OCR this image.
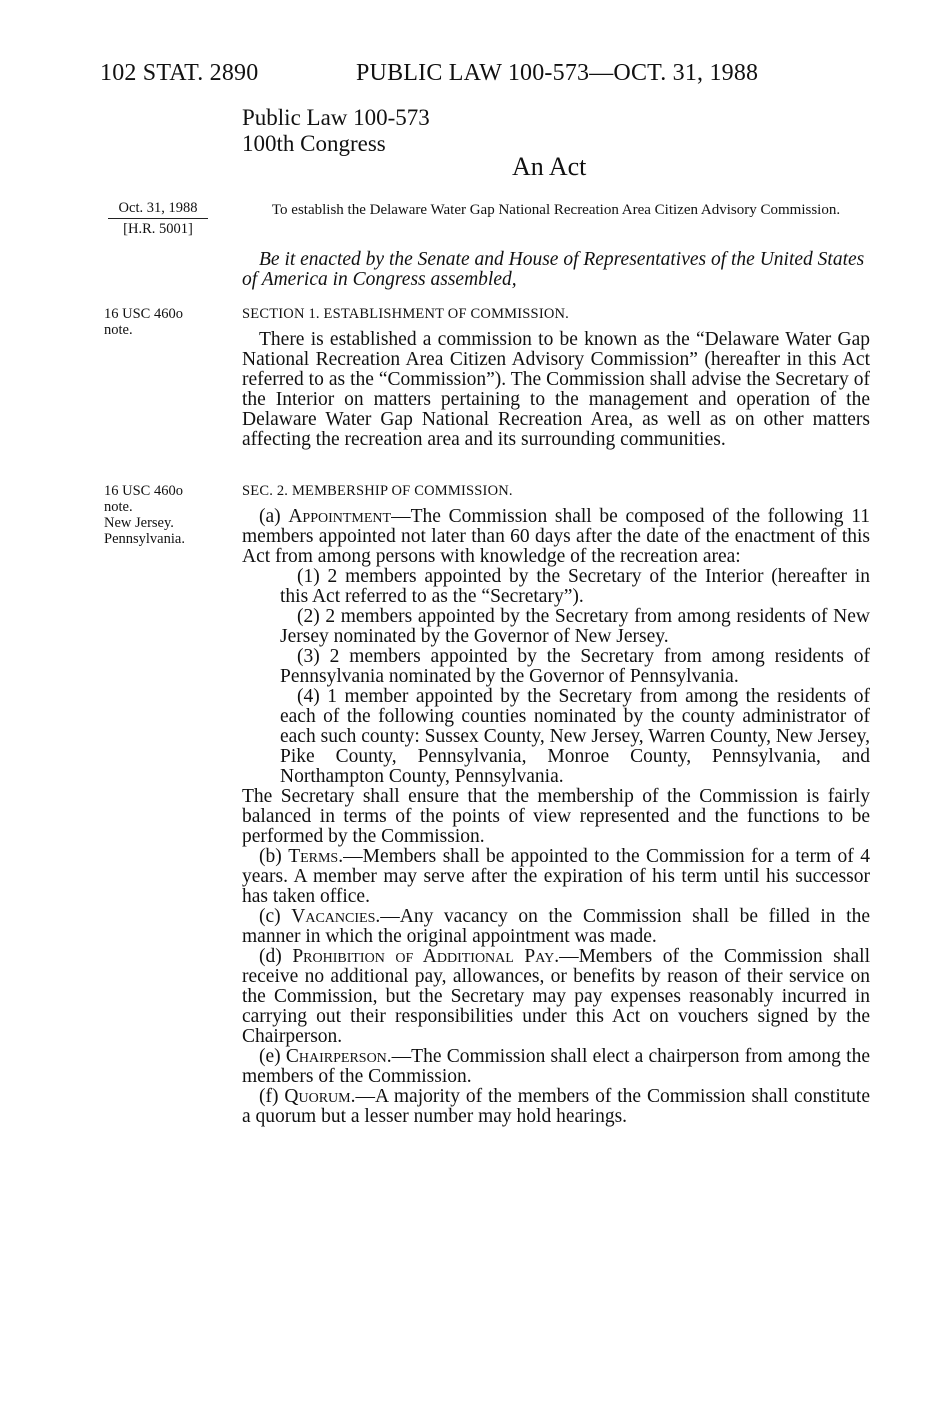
102 STAT. 2890	PUBLIC LAW 100-573—OCT. 31, 1988
Public Law 100-573
100th Congress
An Act
Oct. 31, 1988
[H.R. 5001]
To establish the Delaware Water Gap National Recreation Area Citizen Advisory Commission.
Be it enacted by the Senate and House of Representatives of the United States of America in Congress assembled,
16 USC 460o
note.
SECTION 1. ESTABLISHMENT OF COMMISSION.

There is established a commission to be known as the “Delaware Water Gap National Recreation Area Citizen Advisory Commission” (hereafter in this Act referred to as the “Commission”). The Commission shall advise the Secretary of the Interior on matters pertaining to the management and operation of the Delaware Water Gap National Recreation Area, as well as on other matters affecting the recreation area and its surrounding communities.

16 USC 460o
note.
New Jersey.
Pennsylvania.
SEC. 2. MEMBERSHIP OF COMMISSION.

(a) Appointment—The Commission shall be composed of the following 11 members appointed not later than 60 days after the date of the enactment of this Act from among persons with knowledge of the recreation area:

(1) 2 members appointed by the Secretary of the Interior (hereafter in this Act referred to as the “Secretary”).

(2) 2 members appointed by the Secretary from among residents of New Jersey nominated by the Governor of New Jersey.

(3) 2 members appointed by the Secretary from among residents of Pennsylvania nominated by the Governor of Pennsylvania.

(4) 1 member appointed by the Secretary from among the residents of each of the following counties nominated by the county administrator of each such county: Sussex County, New Jersey, Warren County, New Jersey, Pike County, Pennsylvania, Monroe County, Pennsylvania, and Northampton County, Pennsylvania.

The Secretary shall ensure that the membership of the Commission is fairly balanced in terms of the points of view represented and the functions to be performed by the Commission.

(b) Terms.—Members shall be appointed to the Commission for a term of 4 years. A member may serve after the expiration of his term until his successor has taken office.

(c) Vacancies.—Any vacancy on the Commission shall be filled in the manner in which the original appointment was made.

(d) Prohibition of Additional Pay.—Members of the Commission shall receive no additional pay, allowances, or benefits by reason of their service on the Commission, but the Secretary may pay expenses reasonably incurred in carrying out their responsibilities under this Act on vouchers signed by the Chairperson.

(e) Chairperson.—The Commission shall elect a chairperson from among the members of the Commission.

(f) Quorum.—A majority of the members of the Commission shall constitute a quorum but a lesser number may hold hearings.
